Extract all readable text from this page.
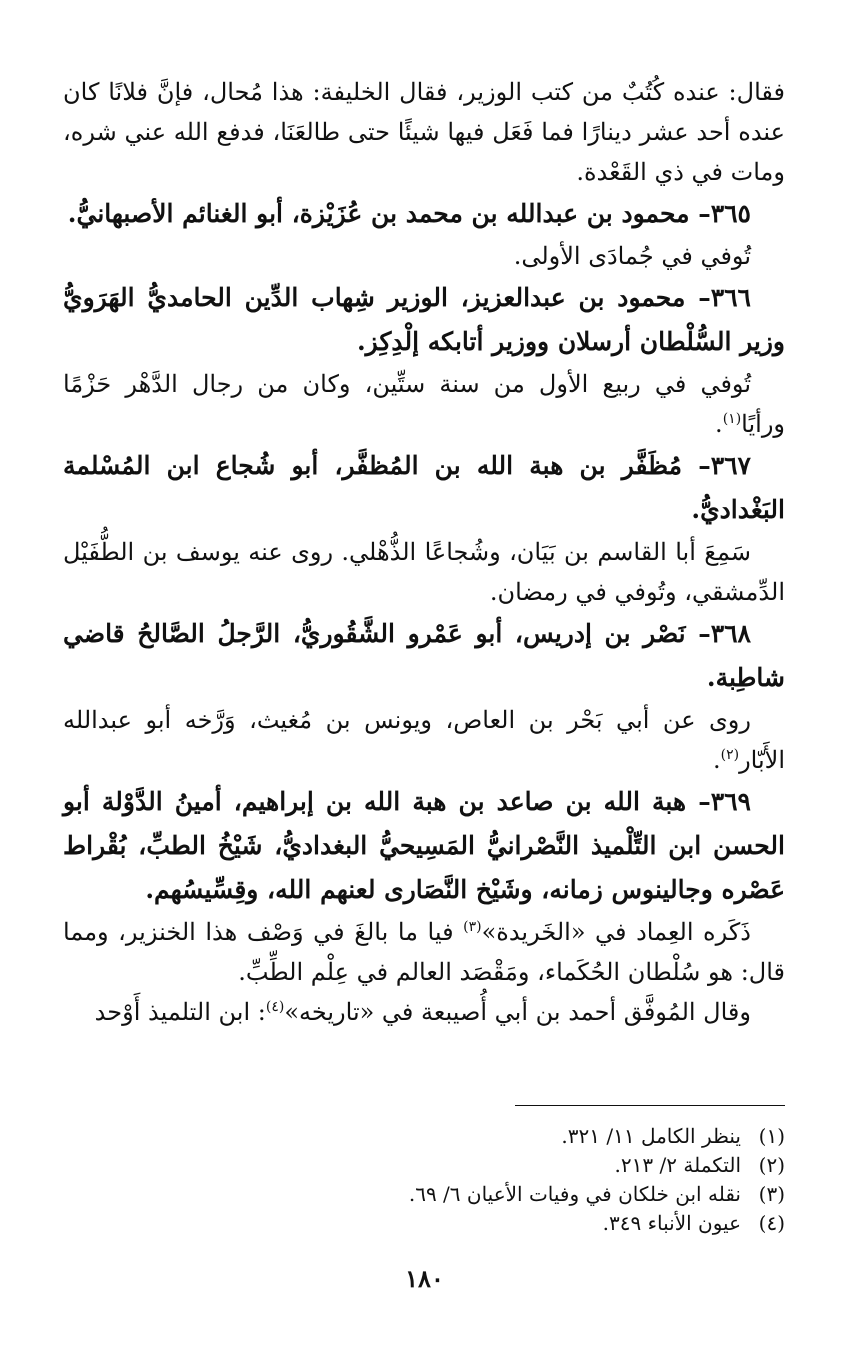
فقال: عنده كُتُبٌ من كتب الوزير، فقال الخليفة: هذا مُحال، فإنَّ فلانًا كان عنده أحد عشر دينارًا فما فَعَل فيها شيئًا حتى طالعَنَا، فدفع الله عني شره، ومات في ذي القَعْدة.

٣٦٥– محمود بن عبدالله بن محمد بن عُزَيْزة، أبو الغنائم الأصبهانيُّ.

تُوفي في جُمادَى الأولى.

٣٦٦– محمود بن عبدالعزيز، الوزير شِهاب الدِّين الحامديُّ الهَرَويُّ وزير السُّلْطان أرسلان ووزير أتابكه إلْدِكِز.

تُوفي في ربيع الأول من سنة ستِّين، وكان من رجال الدَّهْر حَزْمًا ورأيًا$^{(١)}$.

٣٦٧– مُظَفَّر بن هبة الله بن المُظفَّر، أبو شُجاع ابن المُسْلمة البَغْداديُّ.

سَمِعَ أبا القاسم بن بَيَان، وشُجاعًا الذُّهْلي. روى عنه يوسف بن الطُّفَيْل الدِّمشقي، وتُوفي في رمضان.

٣٦٨– نَصْر بن إدريس، أبو عَمْرو الشَّقُوريُّ، الرَّجلُ الصَّالحُ قاضي شاطِبة.

روى عن أبي بَحْر بن العاص، ويونس بن مُغيث، وَرَّخه أبو عبدالله الأَبّار$^{(٢)}$.

٣٦٩– هبة الله بن صاعد بن هبة الله بن إبراهيم، أمينُ الدَّوْلة أبو الحسن ابن التِّلْميذ النَّصْرانيُّ المَسِيحيُّ البغداديُّ، شَيْخُ الطبِّ، بُقْراط عَصْره وجالينوس زمانه، وشَيْخ النَّصَارى لعنهم الله، وقِسِّيسُهم.

ذَكَره العِماد في «الخَريدة»$^{(٣)}$ فيا ما بالغَ في وَصْف هذا الخنزير، ومما قال: هو سُلْطان الحُكَماء، ومَقْصَد العالم في عِلْم الطِّبِّ.

وقال المُوفَّق أحمد بن أبي أُصيبعة في «تاريخه»$^{(٤)}$: ابن التلميذ أَوْحد

(١)
ينظر الكامل ١١/ ٣٢١.
(٢)
التكملة ٢/ ٢١٣.
(٣)
نقله ابن خلكان في وفيات الأعيان ٦/ ٦٩.
(٤)
عيون الأنباء ٣٤٩.
١٨٠
